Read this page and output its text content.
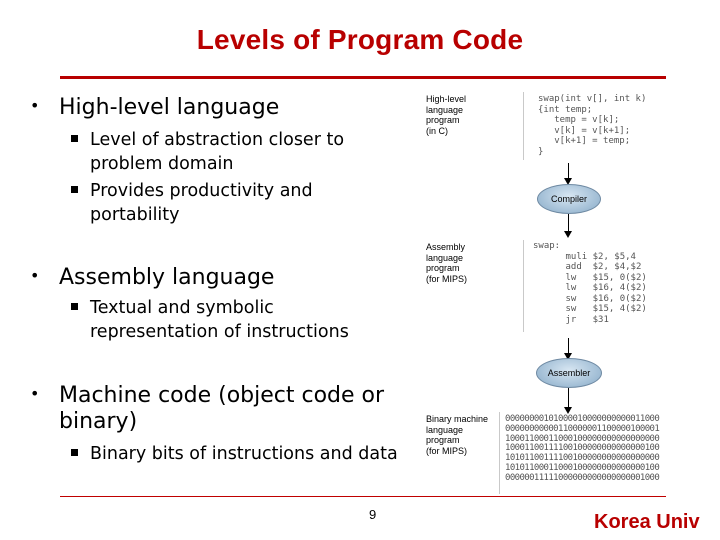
Levels of Program Code
• High-level language
Level of abstraction closer to problem domain
Provides productivity and portability
• Assembly language
Textual and symbolic representation of instructions
• Machine code (object code or binary)
Binary bits of instructions and data
High-level
language
program
(in C)
swap(int v[], int k)
{int temp;
temp = v[k];
v[k] = v[k+1];
v[k+1] = temp;
}
Compiler
Assembly
language
program
(for MIPS)
swap:
muli $2, $5,4
add  $2, $4,$2
lw   $15, 0($2)
lw   $16, 4($2)
sw   $16, 0($2)
sw   $15, 4($2)
jr   $31
Assembler
Binary machine
language
program
(for MIPS)
00000000101000010000000000011000
00000000000110000001100000100001
10001100011000100000000000000000
10001100111100100000000000000100
10101100111100100000000000000000
10101100011000100000000000000100
00000011111000000000000000001000
9	Korea Univ
